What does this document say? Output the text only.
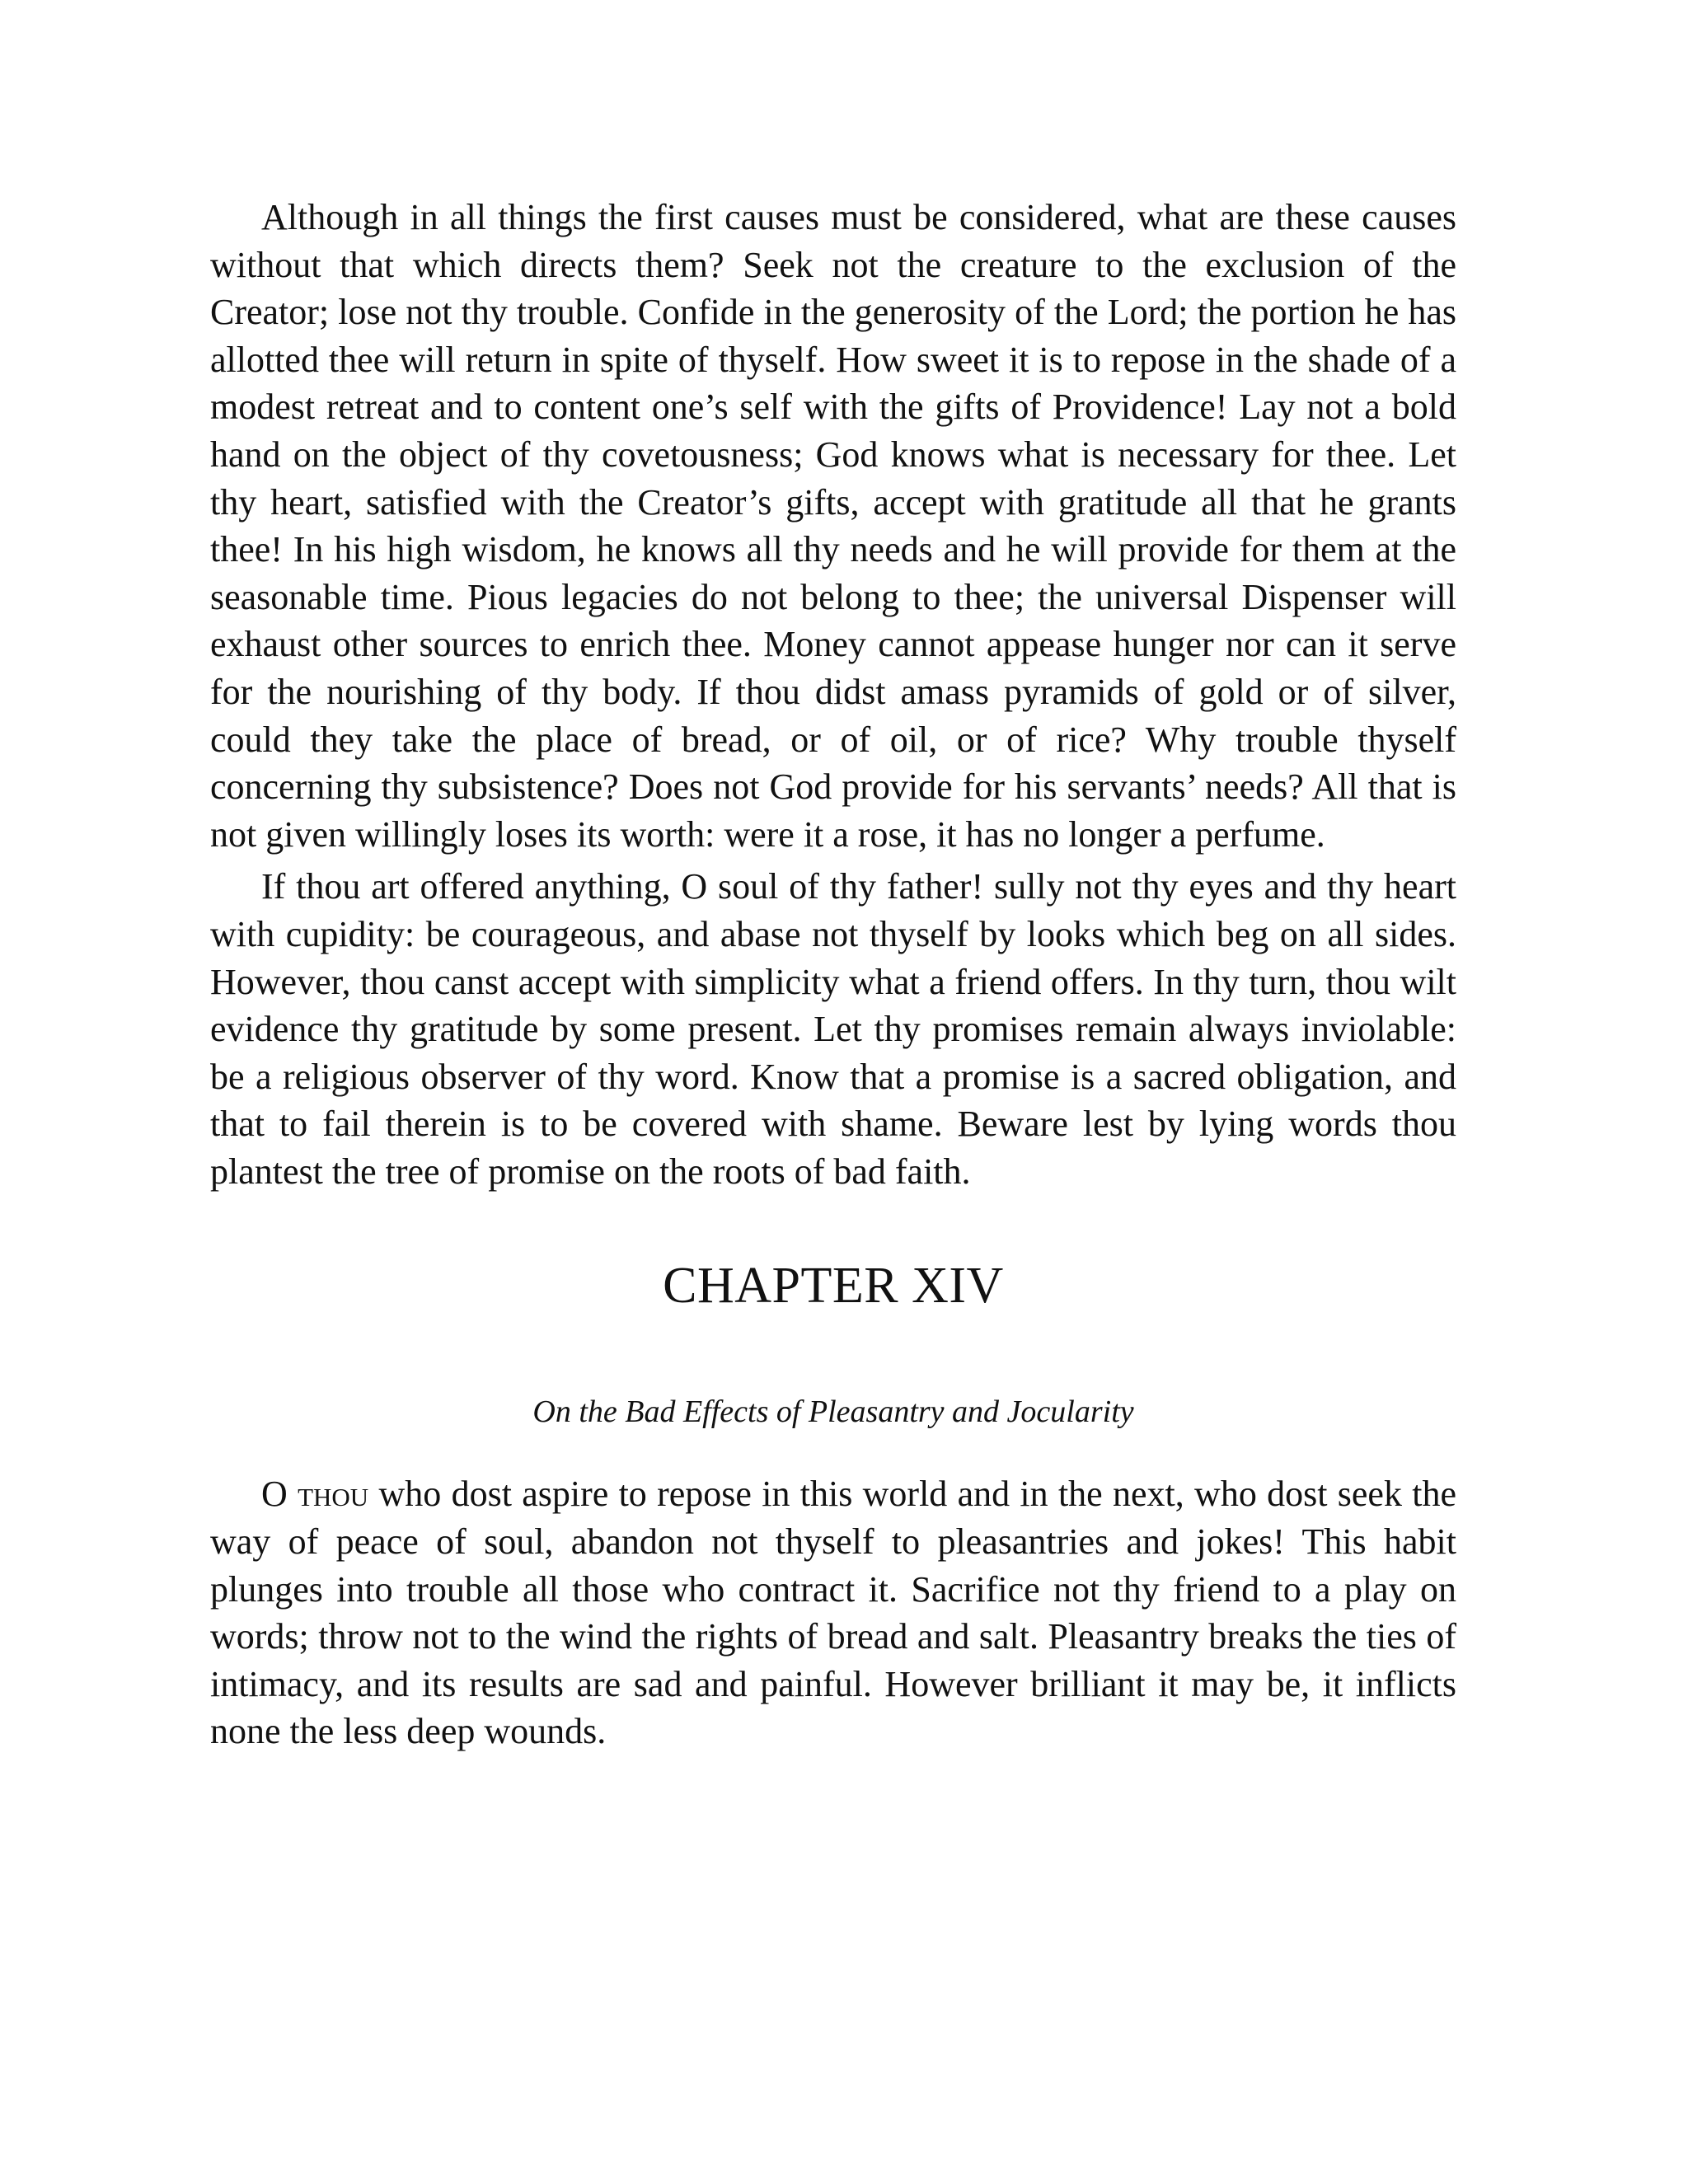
Although in all things the first causes must be considered, what are these causes without that which directs them? Seek not the creature to the exclusion of the Creator; lose not thy trouble. Confide in the generosity of the Lord; the portion he has allotted thee will return in spite of thyself. How sweet it is to repose in the shade of a modest retreat and to content one’s self with the gifts of Providence! Lay not a bold hand on the object of thy covetousness; God knows what is necessary for thee. Let thy heart, satisfied with the Creator’s gifts, accept with gratitude all that he grants thee! In his high wisdom, he knows all thy needs and he will provide for them at the seasonable time. Pious legacies do not belong to thee; the universal Dispenser will exhaust other sources to enrich thee. Money cannot appease hunger nor can it serve for the nourishing of thy body. If thou didst amass pyramids of gold or of silver, could they take the place of bread, or of oil, or of rice? Why trouble thyself concerning thy subsistence? Does not God provide for his servants’ needs? All that is not given willingly loses its worth: were it a rose, it has no longer a perfume.

If thou art offered anything, O soul of thy father! sully not thy eyes and thy heart with cupidity: be courageous, and abase not thyself by looks which beg on all sides. However, thou canst accept with simplicity what a friend offers. In thy turn, thou wilt evidence thy gratitude by some present. Let thy promises remain always inviolable: be a religious observer of thy word. Know that a promise is a sacred obligation, and that to fail therein is to be covered with shame. Beware lest by lying words thou plantest the tree of promise on the roots of bad faith.

CHAPTER XIV

On the Bad Effects of Pleasantry and Jocularity

O thou who dost aspire to repose in this world and in the next, who dost seek the way of peace of soul, abandon not thyself to pleasantries and jokes! This habit plunges into trouble all those who contract it. Sacrifice not thy friend to a play on words; throw not to the wind the rights of bread and salt. Pleasantry breaks the ties of intimacy, and its results are sad and painful. However brilliant it may be, it inflicts none the less deep wounds.
